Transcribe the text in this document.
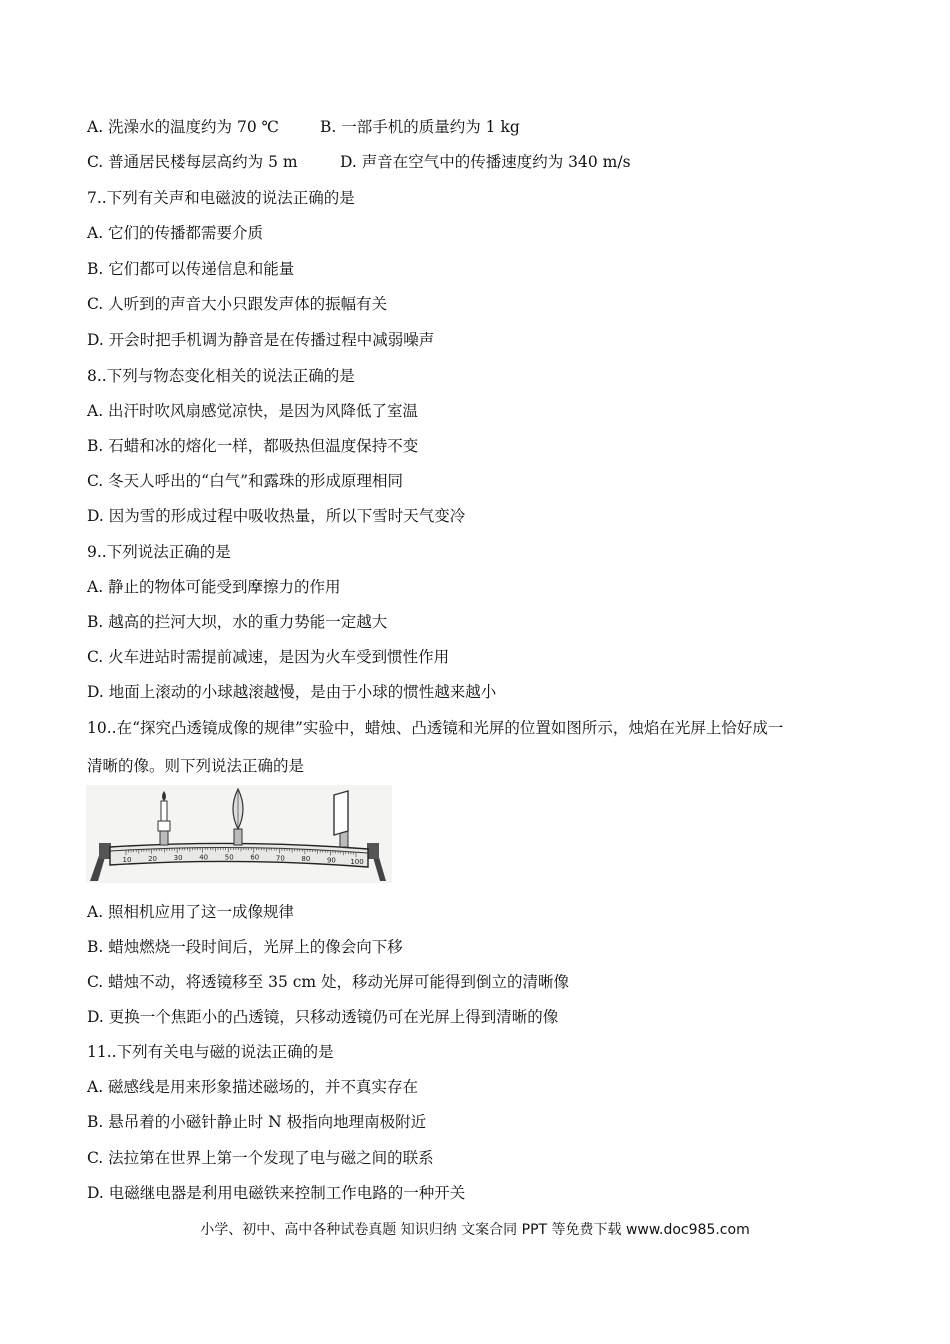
A. 洗澡水的温度约为 70 ℃	B. 一部手机的质量约为 1 kg
C. 普通居民楼每层高约为 5 m	D. 声音在空气中的传播速度约为 340 m/s
7..下列有关声和电磁波的说法正确的是
A. 它们的传播都需要介质
B. 它们都可以传递信息和能量
C. 人听到的声音大小只跟发声体的振幅有关
D. 开会时把手机调为静音是在传播过程中减弱噪声
8..下列与物态变化相关的说法正确的是
A. 出汗时吹风扇感觉凉快，是因为风降低了室温
B. 石蜡和冰的熔化一样，都吸热但温度保持不变
C. 冬天人呼出的“白气”和露珠的形成原理相同
D. 因为雪的形成过程中吸收热量，所以下雪时天气变冷
9..下列说法正确的是
A. 静止的物体可能受到摩擦力的作用
B. 越高的拦河大坝，水的重力势能一定越大
C. 火车进站时需提前减速，是因为火车受到惯性作用
D. 地面上滚动的小球越滚越慢，是由于小球的惯性越来越小
10..在“探究凸透镜成像的规律”实验中，蜡烛、凸透镜和光屏的位置如图所示，烛焰在光屏上恰好成一
清晰的像。则下列说法正确的是
10 20 30 40 50 60 70 80 90 100
A. 照相机应用了这一成像规律
B. 蜡烛燃烧一段时间后，光屏上的像会向下移
C. 蜡烛不动，将透镜移至 35 cm 处，移动光屏可能得到倒立的清晰像
D. 更换一个焦距小的凸透镜，只移动透镜仍可在光屏上得到清晰的像
11..下列有关电与磁的说法正确的是
A. 磁感线是用来形象描述磁场的，并不真实存在
B. 悬吊着的小磁针静止时 N 极指向地理南极附近
C. 法拉第在世界上第一个发现了电与磁之间的联系
D. 电磁继电器是利用电磁铁来控制工作电路的一种开关
小学、初中、高中各种试卷真题 知识归纳 文案合同 PPT 等免费下载 www.doc985.com
